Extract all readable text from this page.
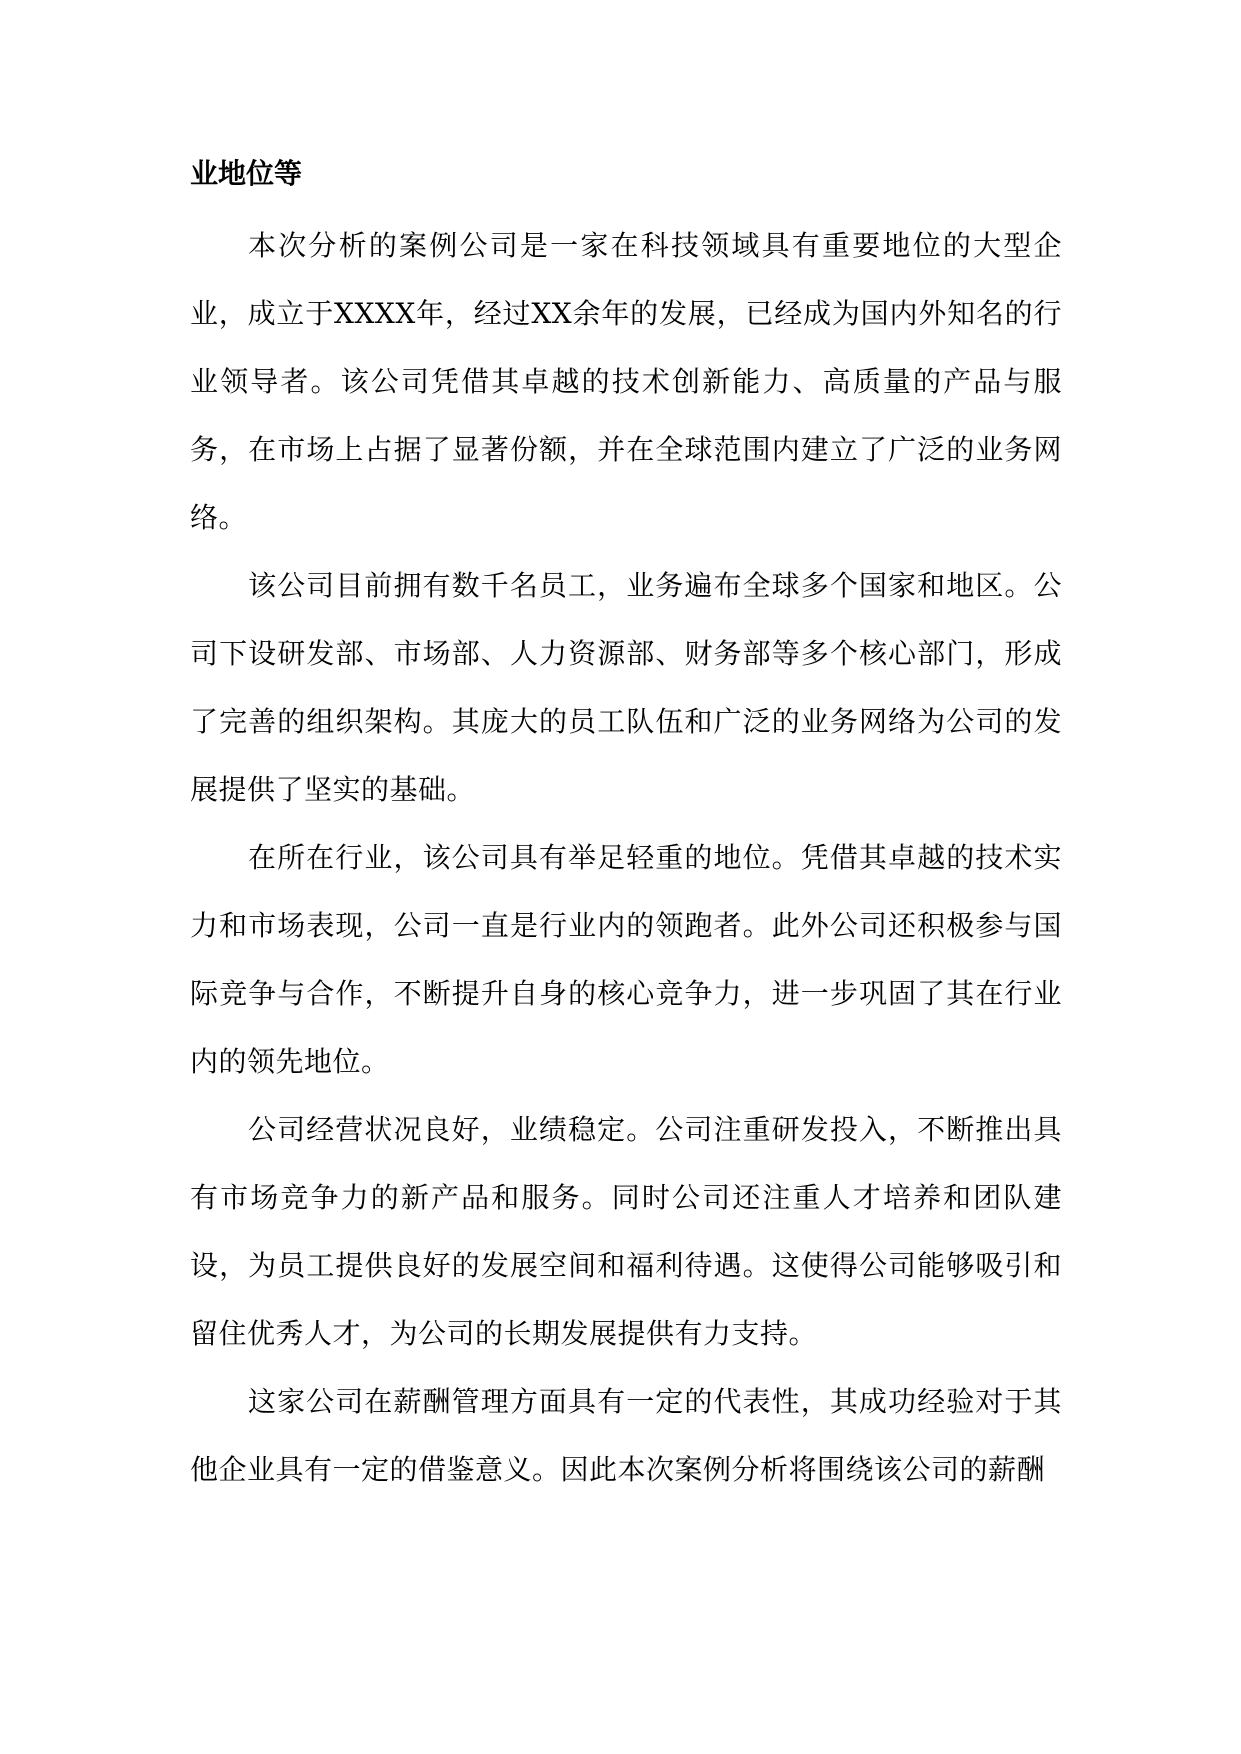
业地位等

本次分析的案例公司是一家在科技领域具有重要地位的大型企业，成立于XXXX年，经过XX余年的发展，已经成为国内外知名的行业领导者。该公司凭借其卓越的技术创新能力、高质量的产品与服务，在市场上占据了显著份额，并在全球范围内建立了广泛的业务网络。

该公司目前拥有数千名员工，业务遍布全球多个国家和地区。公司下设研发部、市场部、人力资源部、财务部等多个核心部门，形成了完善的组织架构。其庞大的员工队伍和广泛的业务网络为公司的发展提供了坚实的基础。

在所在行业，该公司具有举足轻重的地位。凭借其卓越的技术实力和市场表现，公司一直是行业内的领跑者。此外公司还积极参与国际竞争与合作，不断提升自身的核心竞争力，进一步巩固了其在行业内的领先地位。

公司经营状况良好，业绩稳定。公司注重研发投入，不断推出具有市场竞争力的新产品和服务。同时公司还注重人才培养和团队建设，为员工提供良好的发展空间和福利待遇。这使得公司能够吸引和留住优秀人才，为公司的长期发展提供有力支持。

这家公司在薪酬管理方面具有一定的代表性，其成功经验对于其他企业具有一定的借鉴意义。因此本次案例分析将围绕该公司的薪酬
